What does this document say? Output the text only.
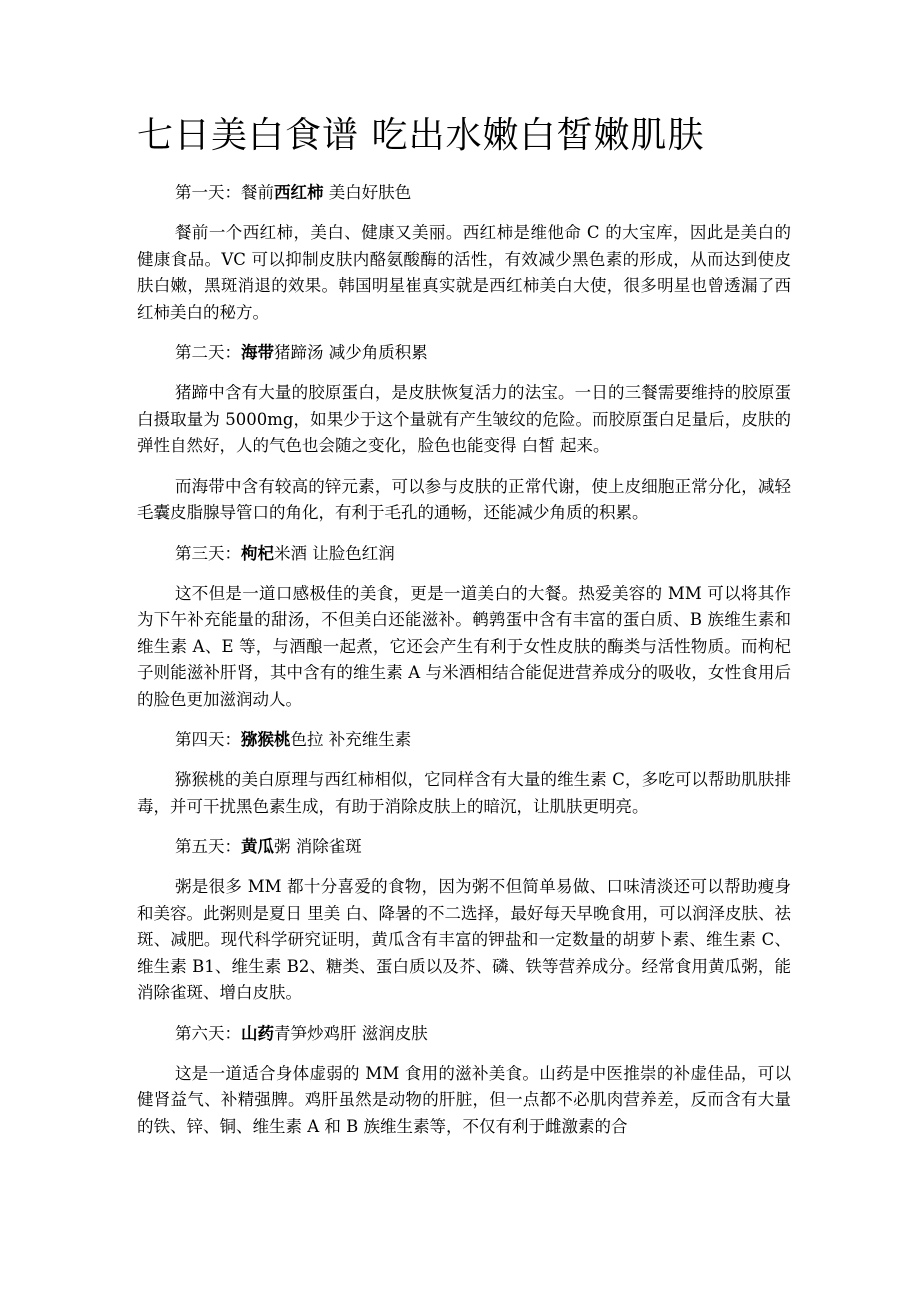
七日美白食谱 吃出水嫩白皙嫩肌肤

第一天：餐前西红柿 美白好肤色

餐前一个西红柿，美白、健康又美丽。西红柿是维他命 C 的大宝库，因此是美白的健康食品。VC 可以抑制皮肤内酪氨酸酶的活性，有效减少黑色素的形成，从而达到使皮肤白嫩，黑斑消退的效果。韩国明星崔真实就是西红柿美白大使，很多明星也曾透漏了西红柿美白的秘方。

第二天：海带猪蹄汤 减少角质积累

猪蹄中含有大量的胶原蛋白，是皮肤恢复活力的法宝。一日的三餐需要维持的胶原蛋白摄取量为 5000mg，如果少于这个量就有产生皱纹的危险。而胶原蛋白足量后，皮肤的弹性自然好，人的气色也会随之变化，脸色也能变得 白皙 起来。

而海带中含有较高的锌元素，可以参与皮肤的正常代谢，使上皮细胞正常分化，减轻毛囊皮脂腺导管口的角化，有利于毛孔的通畅，还能减少角质的积累。

第三天：枸杞米酒 让脸色红润

这不但是一道口感极佳的美食，更是一道美白的大餐。热爱美容的 MM 可以将其作为下午补充能量的甜汤，不但美白还能滋补。鹌鹑蛋中含有丰富的蛋白质、B 族维生素和维生素 A、E 等，与酒酿一起煮，它还会产生有利于女性皮肤的酶类与活性物质。而枸杞子则能滋补肝肾，其中含有的维生素 A 与米酒相结合能促进营养成分的吸收，女性食用后的脸色更加滋润动人。

第四天：猕猴桃色拉 补充维生素

猕猴桃的美白原理与西红柿相似，它同样含有大量的维生素 C，多吃可以帮助肌肤排毒，并可干扰黑色素生成，有助于消除皮肤上的暗沉，让肌肤更明亮。

第五天：黄瓜粥 消除雀斑

粥是很多 MM 都十分喜爱的食物，因为粥不但简单易做、口味清淡还可以帮助瘦身和美容。此粥则是夏日 里美 白、降暑的不二选择，最好每天早晚食用，可以润泽皮肤、祛斑、减肥。现代科学研究证明，黄瓜含有丰富的钾盐和一定数量的胡萝卜素、维生素 C、维生素 B1、维生素 B2、糖类、蛋白质以及芥、磷、铁等营养成分。经常食用黄瓜粥，能消除雀斑、增白皮肤。

第六天：山药青笋炒鸡肝 滋润皮肤

这是一道适合身体虚弱的 MM 食用的滋补美食。山药是中医推崇的补虚佳品，可以健肾益气、补精强脾。鸡肝虽然是动物的肝脏，但一点都不必肌肉营养差，反而含有大量的铁、锌、铜、维生素 A 和 B 族维生素等，不仅有利于雌激素的合
